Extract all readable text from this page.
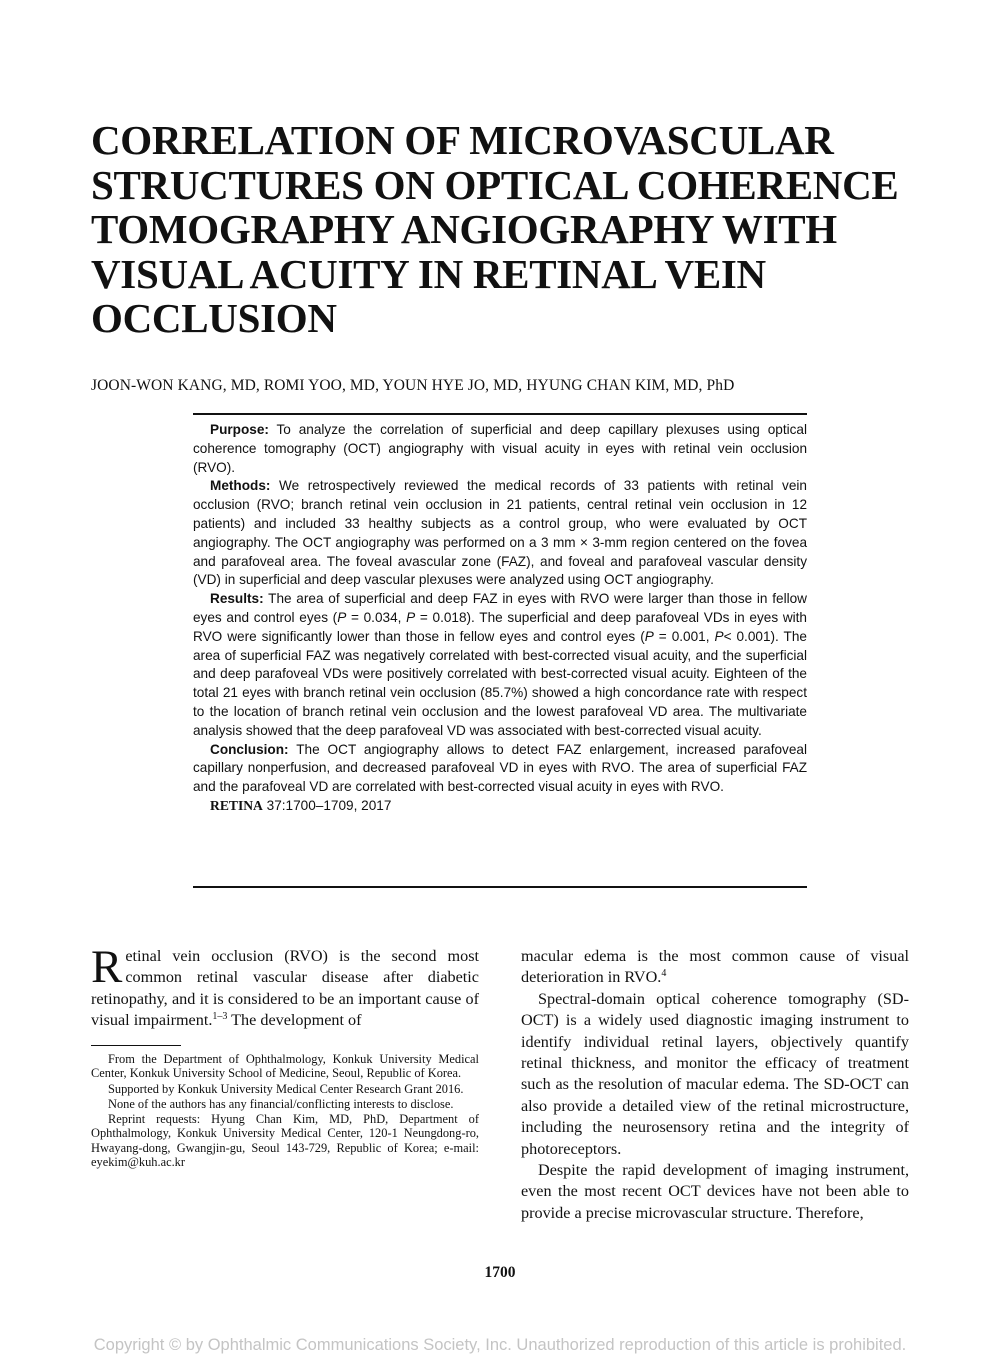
CORRELATION OF MICROVASCULAR
STRUCTURES ON OPTICAL COHERENCE
TOMOGRAPHY ANGIOGRAPHY WITH
VISUAL ACUITY IN RETINAL VEIN
OCCLUSION
JOON-WON KANG, MD, ROMI YOO, MD, YOUN HYE JO, MD, HYUNG CHAN KIM, MD, PhD

Purpose: To analyze the correlation of superficial and deep capillary plexuses using optical coherence tomography (OCT) angiography with visual acuity in eyes with retinal vein occlusion (RVO).

Methods: We retrospectively reviewed the medical records of 33 patients with retinal vein occlusion (RVO; branch retinal vein occlusion in 21 patients, central retinal vein occlusion in 12 patients) and included 33 healthy subjects as a control group, who were evaluated by OCT angiography. The OCT angiography was performed on a 3 mm × 3-mm region centered on the fovea and parafoveal area. The foveal avascular zone (FAZ), and foveal and parafoveal vascular density (VD) in superficial and deep vascular plexuses were analyzed using OCT angiography.

Results: The area of superficial and deep FAZ in eyes with RVO were larger than those in fellow eyes and control eyes (P = 0.034, P = 0.018). The superficial and deep parafoveal VDs in eyes with RVO were significantly lower than those in fellow eyes and control eyes (P = 0.001, P< 0.001). The area of superficial FAZ was negatively correlated with best-corrected visual acuity, and the superficial and deep parafoveal VDs were positively correlated with best-corrected visual acuity. Eighteen of the total 21 eyes with branch retinal vein occlusion (85.7%) showed a high concordance rate with respect to the location of branch retinal vein occlusion and the lowest parafoveal VD area. The multivariate analysis showed that the deep parafoveal VD was associated with best-corrected visual acuity.

Conclusion: The OCT angiography allows to detect FAZ enlargement, increased parafoveal capillary nonperfusion, and decreased parafoveal VD in eyes with RVO. The area of superficial FAZ and the parafoveal VD are correlated with best-corrected visual acuity in eyes with RVO.

RETINA 37:1700–1709, 2017

Retinal vein occlusion (RVO) is the second most common retinal vascular disease after diabetic retinopathy, and it is considered to be an important cause of visual impairment.$^{1-3}$ The development of

From the Department of Ophthalmology, Konkuk University Medical Center, Konkuk University School of Medicine, Seoul, Republic of Korea.

Supported by Konkuk University Medical Center Research Grant 2016.

None of the authors has any financial/conflicting interests to disclose.

Reprint requests: Hyung Chan Kim, MD, PhD, Department of Ophthalmology, Konkuk University Medical Center, 120-1 Neungdong-ro, Hwayang-dong, Gwangjin-gu, Seoul 143-729, Republic of Korea; e-mail: eyekim@kuh.ac.kr

macular edema is the most common cause of visual deterioration in RVO.$^4$

Spectral-domain optical coherence tomography (SD-OCT) is a widely used diagnostic imaging instrument to identify individual retinal layers, objectively quantify retinal thickness, and monitor the efficacy of treatment such as the resolution of macular edema. The SD-OCT can also provide a detailed view of the retinal microstructure, including the neurosensory retina and the integrity of photoreceptors.

Despite the rapid development of imaging instrument, even the most recent OCT devices have not been able to provide a precise microvascular structure. Therefore,

1700
Copyright © by Ophthalmic Communications Society, Inc. Unauthorized reproduction of this article is prohibited.
